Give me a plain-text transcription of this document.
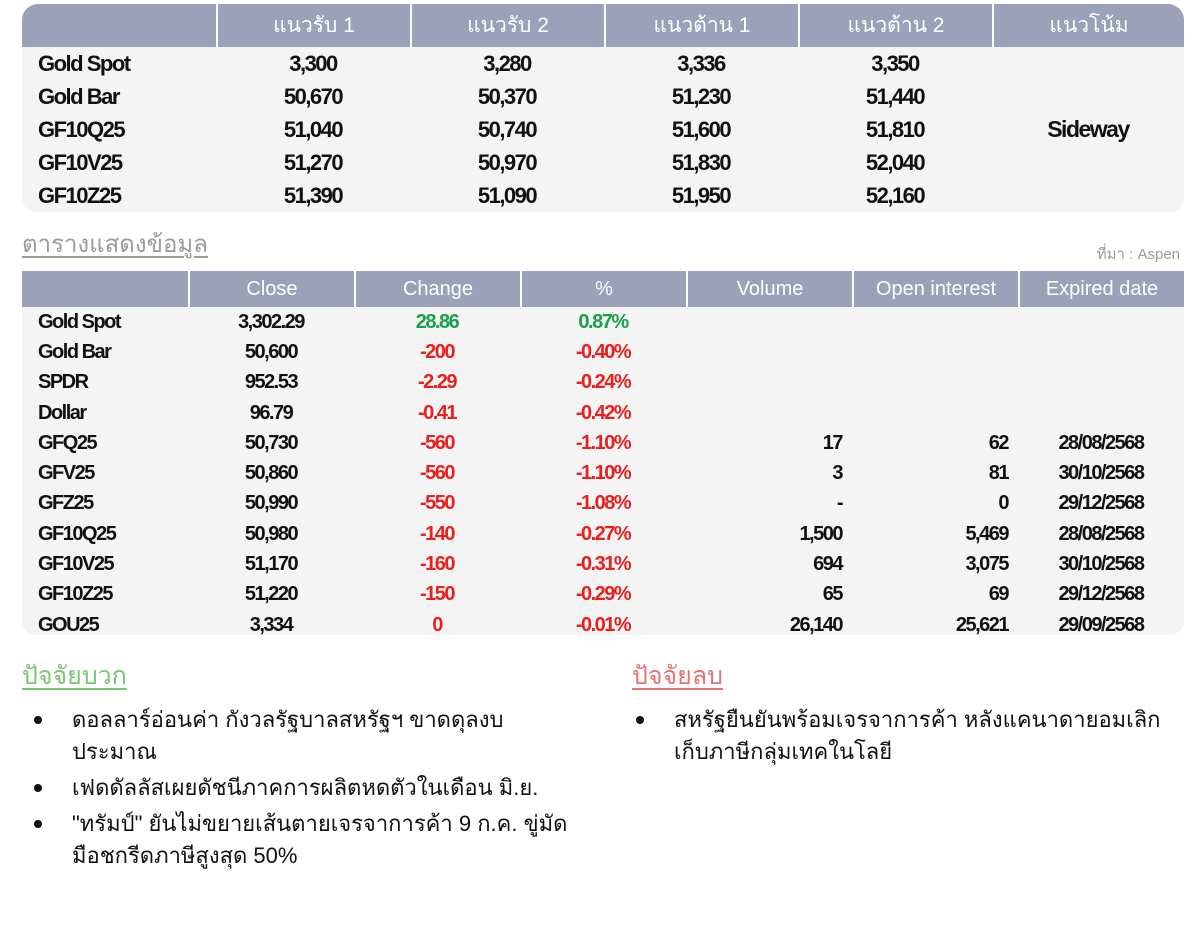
	แนวรับ 1	แนวรับ 2	แนวต้าน 1	แนวต้าน 2	แนวโน้ม
Gold Spot	3,300	3,280	3,336	3,350	Sideway
Gold Bar	50,670	50,370	51,230	51,440	
GF10Q25	51,040	50,740	51,600	51,810	
GF10V25	51,270	50,970	51,830	52,040	
GF10Z25	51,390	51,090	51,950	52,160	
ตารางแสดงข้อมูล	ที่มา : Aspen
	Close	Change	%	Volume	Open interest	Expired date
Gold Spot	3,302.29	28.86	0.87%			
Gold Bar	50,600	-200	-0.40%			
SPDR	952.53	-2.29	-0.24%			
Dollar	96.79	-0.41	-0.42%			
GFQ25	50,730	-560	-1.10%	17	62	28/08/2568
GFV25	50,860	-560	-1.10%	3	81	30/10/2568
GFZ25	50,990	-550	-1.08%	-	0	29/12/2568
GF10Q25	50,980	-140	-0.27%	1,500	5,469	28/08/2568
GF10V25	51,170	-160	-0.31%	694	3,075	30/10/2568
GF10Z25	51,220	-150	-0.29%	65	69	29/12/2568
GOU25	3,334	0	-0.01%	26,140	25,621	29/09/2568
ปัจจัยบวก
ดอลลาร์อ่อนค่า กังวลรัฐบาลสหรัฐฯ ขาดดุลงบประมาณ
เฟดดัลลัสเผยดัชนีภาคการผลิตหดตัวในเดือน มิ.ย.
"ทรัมป์" ยันไม่ขยายเส้นตายเจรจาการค้า 9 ก.ค. ขู่มัดมือชกรีดภาษีสูงสุด 50%
ปัจจัยลบ
สหรัฐยืนยันพร้อมเจรจาการค้า หลังแคนาดายอมเลิกเก็บภาษีกลุ่มเทคในโลยี
